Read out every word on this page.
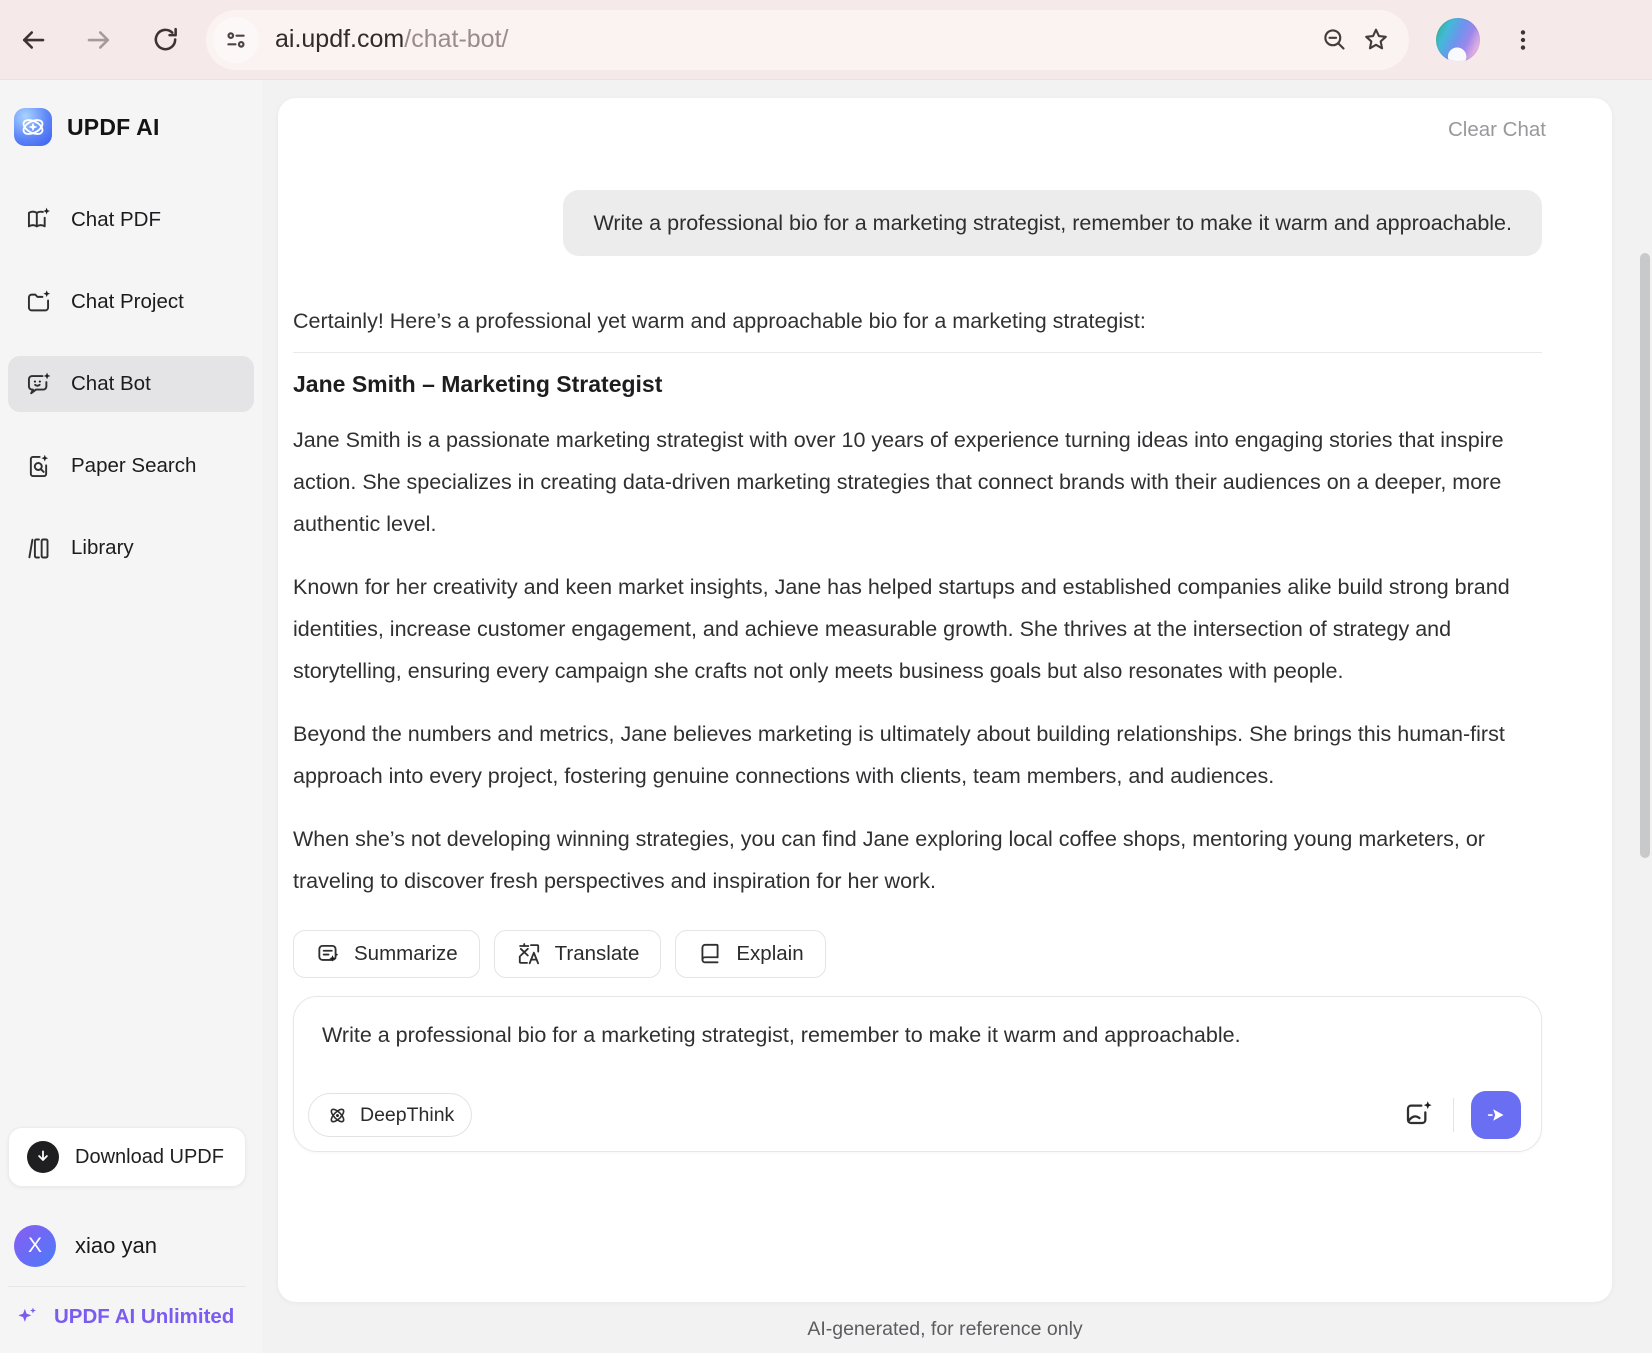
ai.updf.com/chat-bot/
UPDF AI
Chat PDF
Chat Project
Chat Bot
Paper Search
Library
Download UPDF
X	xiao yan
UPDF AI Unlimited
Clear Chat
Write a professional bio for a marketing strategist, remember to make it warm and approachable.
Certainly! Here’s a professional yet warm and approachable bio for a marketing strategist:
Jane Smith – Marketing Strategist

Jane Smith is a passionate marketing strategist with over 10 years of experience turning ideas into engaging stories that inspire action. She specializes in creating data-driven marketing strategies that connect brands with their audiences on a deeper, more authentic level.

Known for her creativity and keen market insights, Jane has helped startups and established companies alike build strong brand identities, increase customer engagement, and achieve measurable growth. She thrives at the intersection of strategy and storytelling, ensuring every campaign she crafts not only meets business goals but also resonates with people.

Beyond the numbers and metrics, Jane believes marketing is ultimately about building relationships. She brings this human-first approach into every project, fostering genuine connections with clients, team members, and audiences.

When she’s not developing winning strategies, you can find Jane exploring local coffee shops, mentoring young marketers, or traveling to discover fresh perspectives and inspiration for her work.

Summarize	Translate	Explain
Write a professional bio for a marketing strategist, remember to make it warm and approachable.
DeepThink
AI-generated, for reference only
